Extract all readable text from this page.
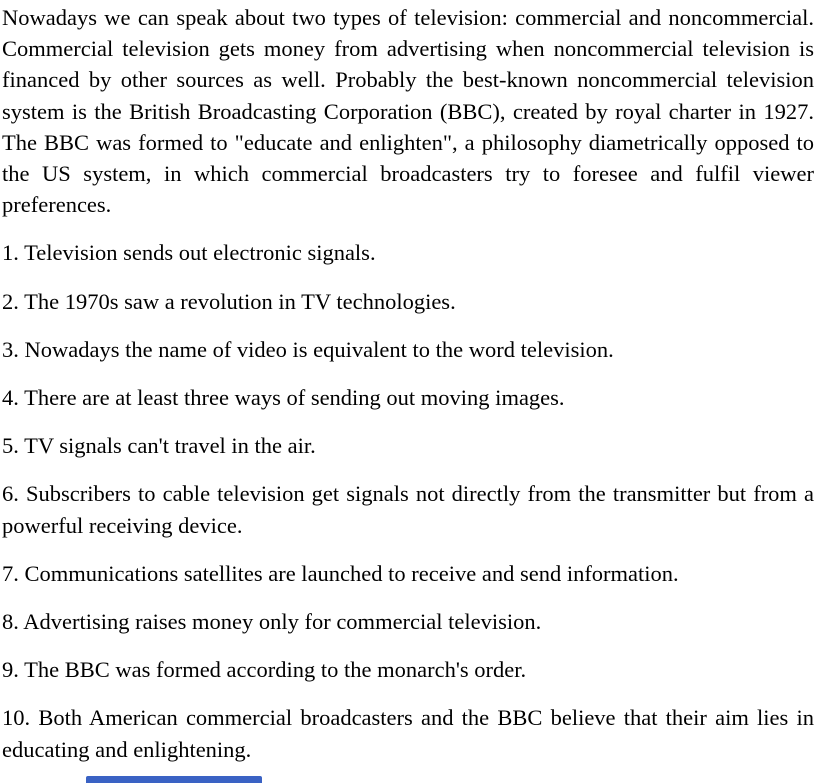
Nowadays we can speak about two types of television: commercial and noncommercial. Commercial television gets money from advertising when noncommercial television is financed by other sources as well. Probably the best-known noncommercial television system is the British Broadcasting Corporation (BBC), created by royal charter in 1927. The BBC was formed to "educate and enlighten", a philosophy diametrically opposed to the US system, in which commercial broadcasters try to foresee and fulfil viewer preferences.

1. Television sends out electronic signals.

2. The 1970s saw a revolution in TV technologies.

3. Nowadays the name of video is equivalent to the word television.

4. There are at least three ways of sending out moving images.

5. TV signals can't travel in the air.

6. Subscribers to cable television get signals not directly from the transmitter but from a powerful receiving device.

7. Communications satellites are launched to receive and send information.

8. Advertising raises money only for commercial television.

9. The BBC was formed according to the monarch's order.

10. Both American commercial broadcasters and the BBC believe that their aim lies in educating and enlightening.
